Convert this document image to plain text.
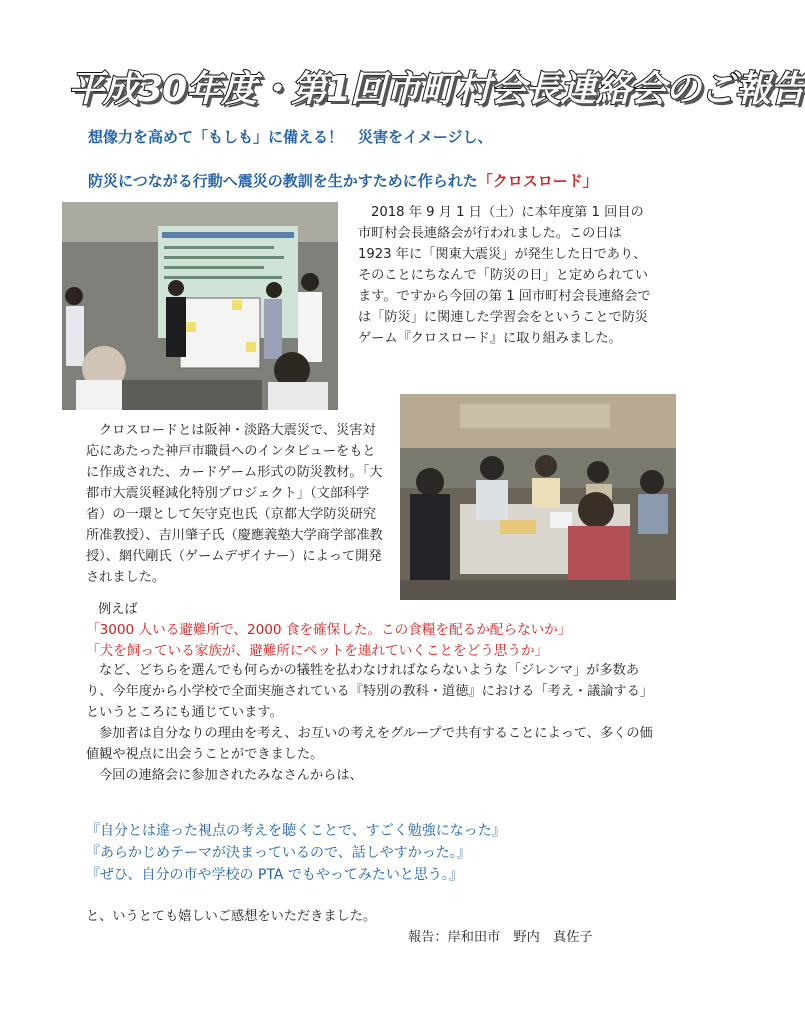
平成30年度・第1回市町村会長連絡会のご報告
想像力を高めて「もしも」に備える！　災害をイメージし、
防災につながる行動へ震災の教訓を生かすために作られた「クロスロード」
2018 年 9 月 1 日（土）に本年度第 1 回目の市町村会長連絡会が行われました。この日は 1923 年に「関東大震災」が発生した日であり、そのことにちなんで「防災の日」と定められています。ですから今回の第 1 回市町村会長連絡会では「防災」に関連した学習会をということで防災ゲーム『クロスロード』に取り組みました。
クロスロードとは阪神・淡路大震災で、災害対応にあたった神戸市職員へのインタビューをもとに作成された、カードゲーム形式の防災教材。「大都市大震災軽減化特別プロジェクト」（文部科学省）の一環として矢守克也氏（京都大学防災研究所准教授）、吉川肇子氏（慶應義塾大学商学部准教授）、網代剛氏（ゲームデザイナー）によって開発されました。
例えば
「3000 人いる避難所で、2000 食を確保した。この食糧を配るか配らないか」
「犬を飼っている家族が、避難所にペットを連れていくことをどう思うか」
など、どちらを選んでも何らかの犠牲を払わなければならないような「ジレンマ」が多数あり、今年度から小学校で全面実施されている『特別の教科・道徳』における「考え・議論する」というところにも通じています。
参加者は自分なりの理由を考え、お互いの考えをグループで共有することによって、多くの価値観や視点に出会うことができました。
今回の連絡会に参加されたみなさんからは、
『自分とは違った視点の考えを聴くことで、すごく勉強になった』
『あらかじめテーマが決まっているので、話しやすかった。』
『ぜひ、自分の市や学校の PTA でもやってみたいと思う。』
と、いうとても嬉しいご感想をいただきました。
報告：岸和田市　野内　真佐子
